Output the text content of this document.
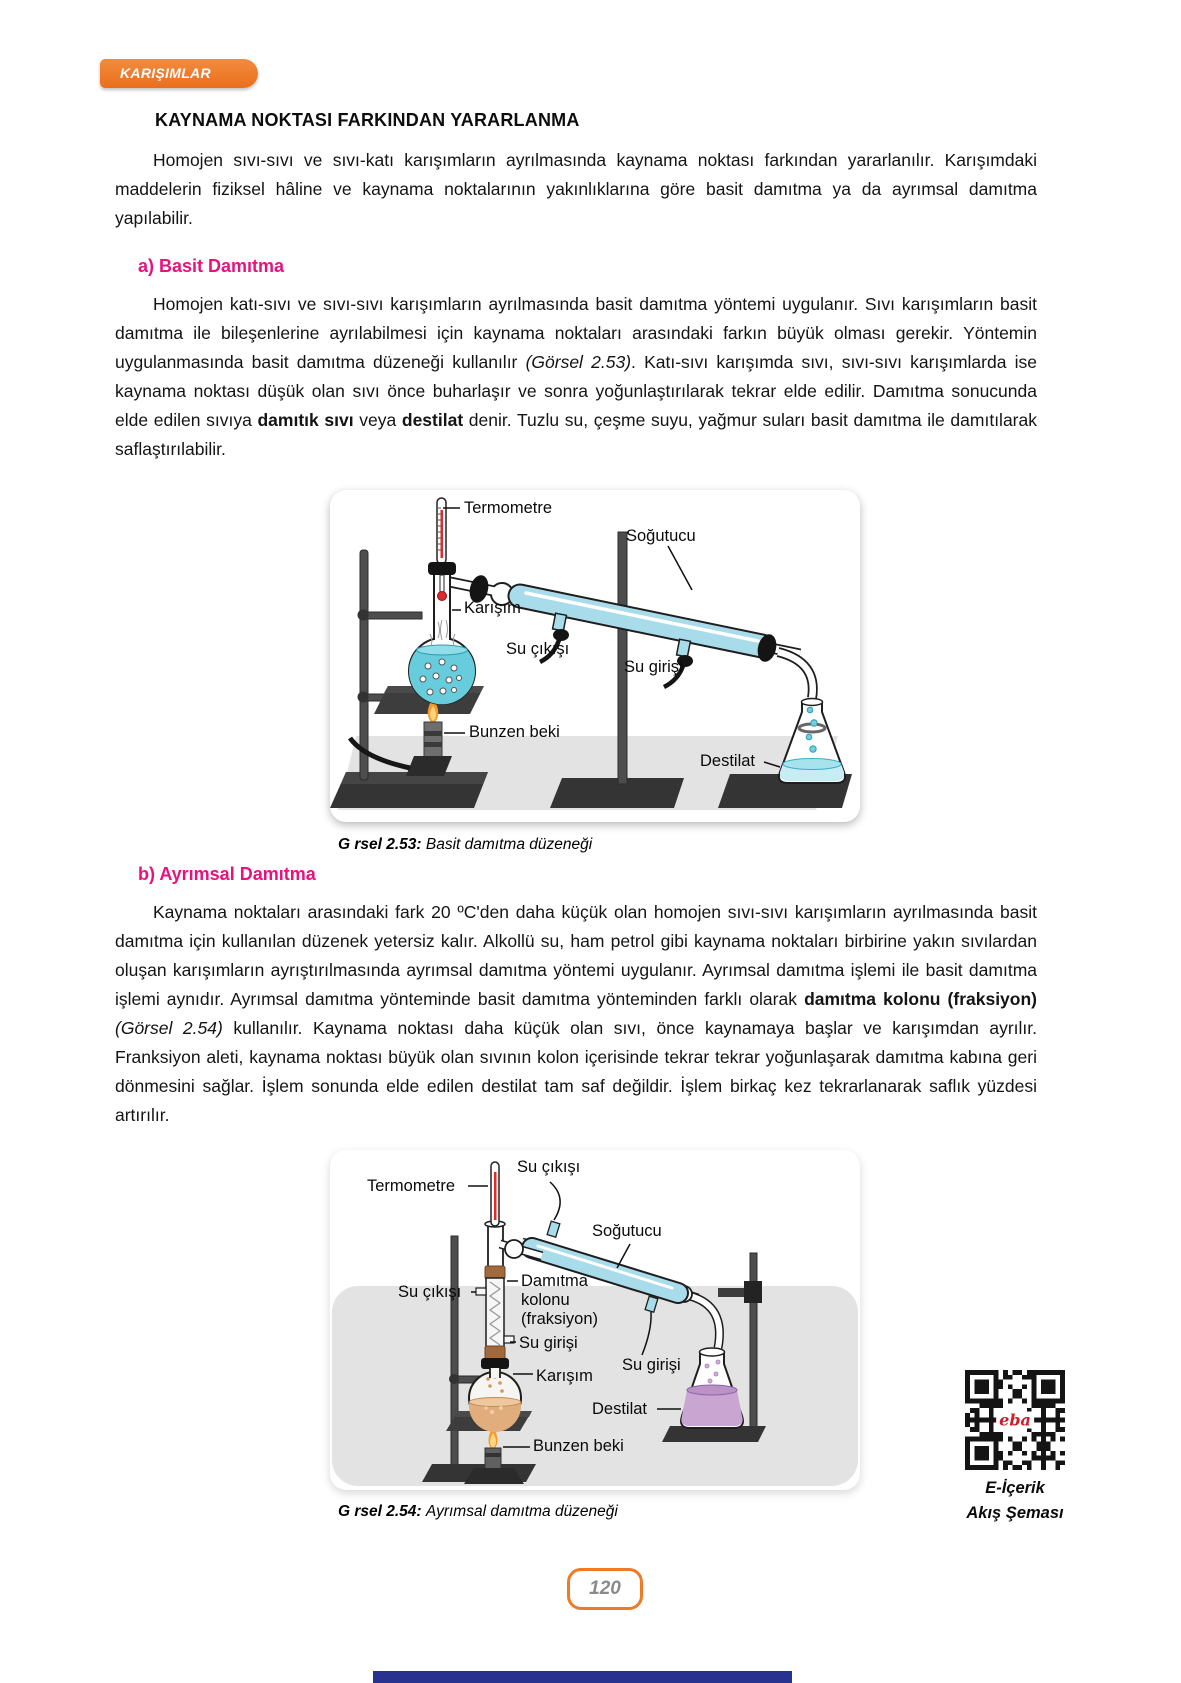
KARIŞIMLAR
KAYNAMA NOKTASI FARKINDAN YARARLANMA

Homojen sıvı-sıvı ve sıvı-katı karışımların ayrılmasında kaynama noktası farkından yararlanılır. Karışımdaki maddelerin fiziksel hâline ve kaynama noktalarının yakınlıklarına göre basit damıtma ya da ayrımsal damıtma yapılabilir.

a) Basit Damıtma

Homojen katı-sıvı ve sıvı-sıvı karışımların ayrılmasında basit damıtma yöntemi uygulanır. Sıvı karışımların basit damıtma ile bileşenlerine ayrılabilmesi için kaynama noktaları arasındaki farkın büyük olması gerekir. Yöntemin uygulanmasında basit damıtma düzeneği kullanılır (Görsel 2.53). Katı-sıvı karışımda sıvı, sıvı-sıvı karışımlarda ise kaynama noktası düşük olan sıvı önce buharlaşır ve sonra yoğunlaştırılarak tekrar elde edilir. Damıtma sonucunda elde edilen sıvıya damıtık sıvı veya destilat denir. Tuzlu su, çeşme suyu, yağmur suları basit damıtma ile damıtılarak saflaştırılabilir.

Termometre
Soğutucu
Karışım
Su çıkışı
Su girişi
Bunzen beki
Destilat
G rsel 2.53: Basit damıtma düzeneği
b) Ayrımsal Damıtma

Kaynama noktaları arasındaki fark 20 ºC'den daha küçük olan homojen sıvı-sıvı karışımların ayrılmasında basit damıtma için kullanılan düzenek yetersiz kalır. Alkollü su, ham petrol gibi kaynama noktaları birbirine yakın sıvılardan oluşan karışımların ayrıştırılmasında ayrımsal damıtma yöntemi uygulanır. Ayrımsal damıtma işlemi ile basit damıtma işlemi aynıdır. Ayrımsal damıtma yönteminde basit damıtma yönteminden farklı olarak damıtma kolonu (fraksiyon) (Görsel 2.54) kullanılır. Kaynama noktası daha küçük olan sıvı, önce kaynamaya başlar ve karışımdan ayrılır. Franksiyon aleti, kaynama noktası büyük olan sıvının kolon içerisinde tekrar tekrar yoğunlaşarak damıtma kabına geri dönmesini sağlar. İşlem sonunda elde edilen destilat tam saf değildir. İşlem birkaç kez tekrarlanarak saflık yüzdesi artırılır.

Su çıkışı
Termometre
Soğutucu
Su çıkışı
Damıtma
kolonu
(fraksiyon)
Su girişi
Karışım
Su girişi
Destilat
Bunzen beki
G rsel 2.54: Ayrımsal damıtma düzeneği
eba
E-İçerik
Akış Şeması
120
